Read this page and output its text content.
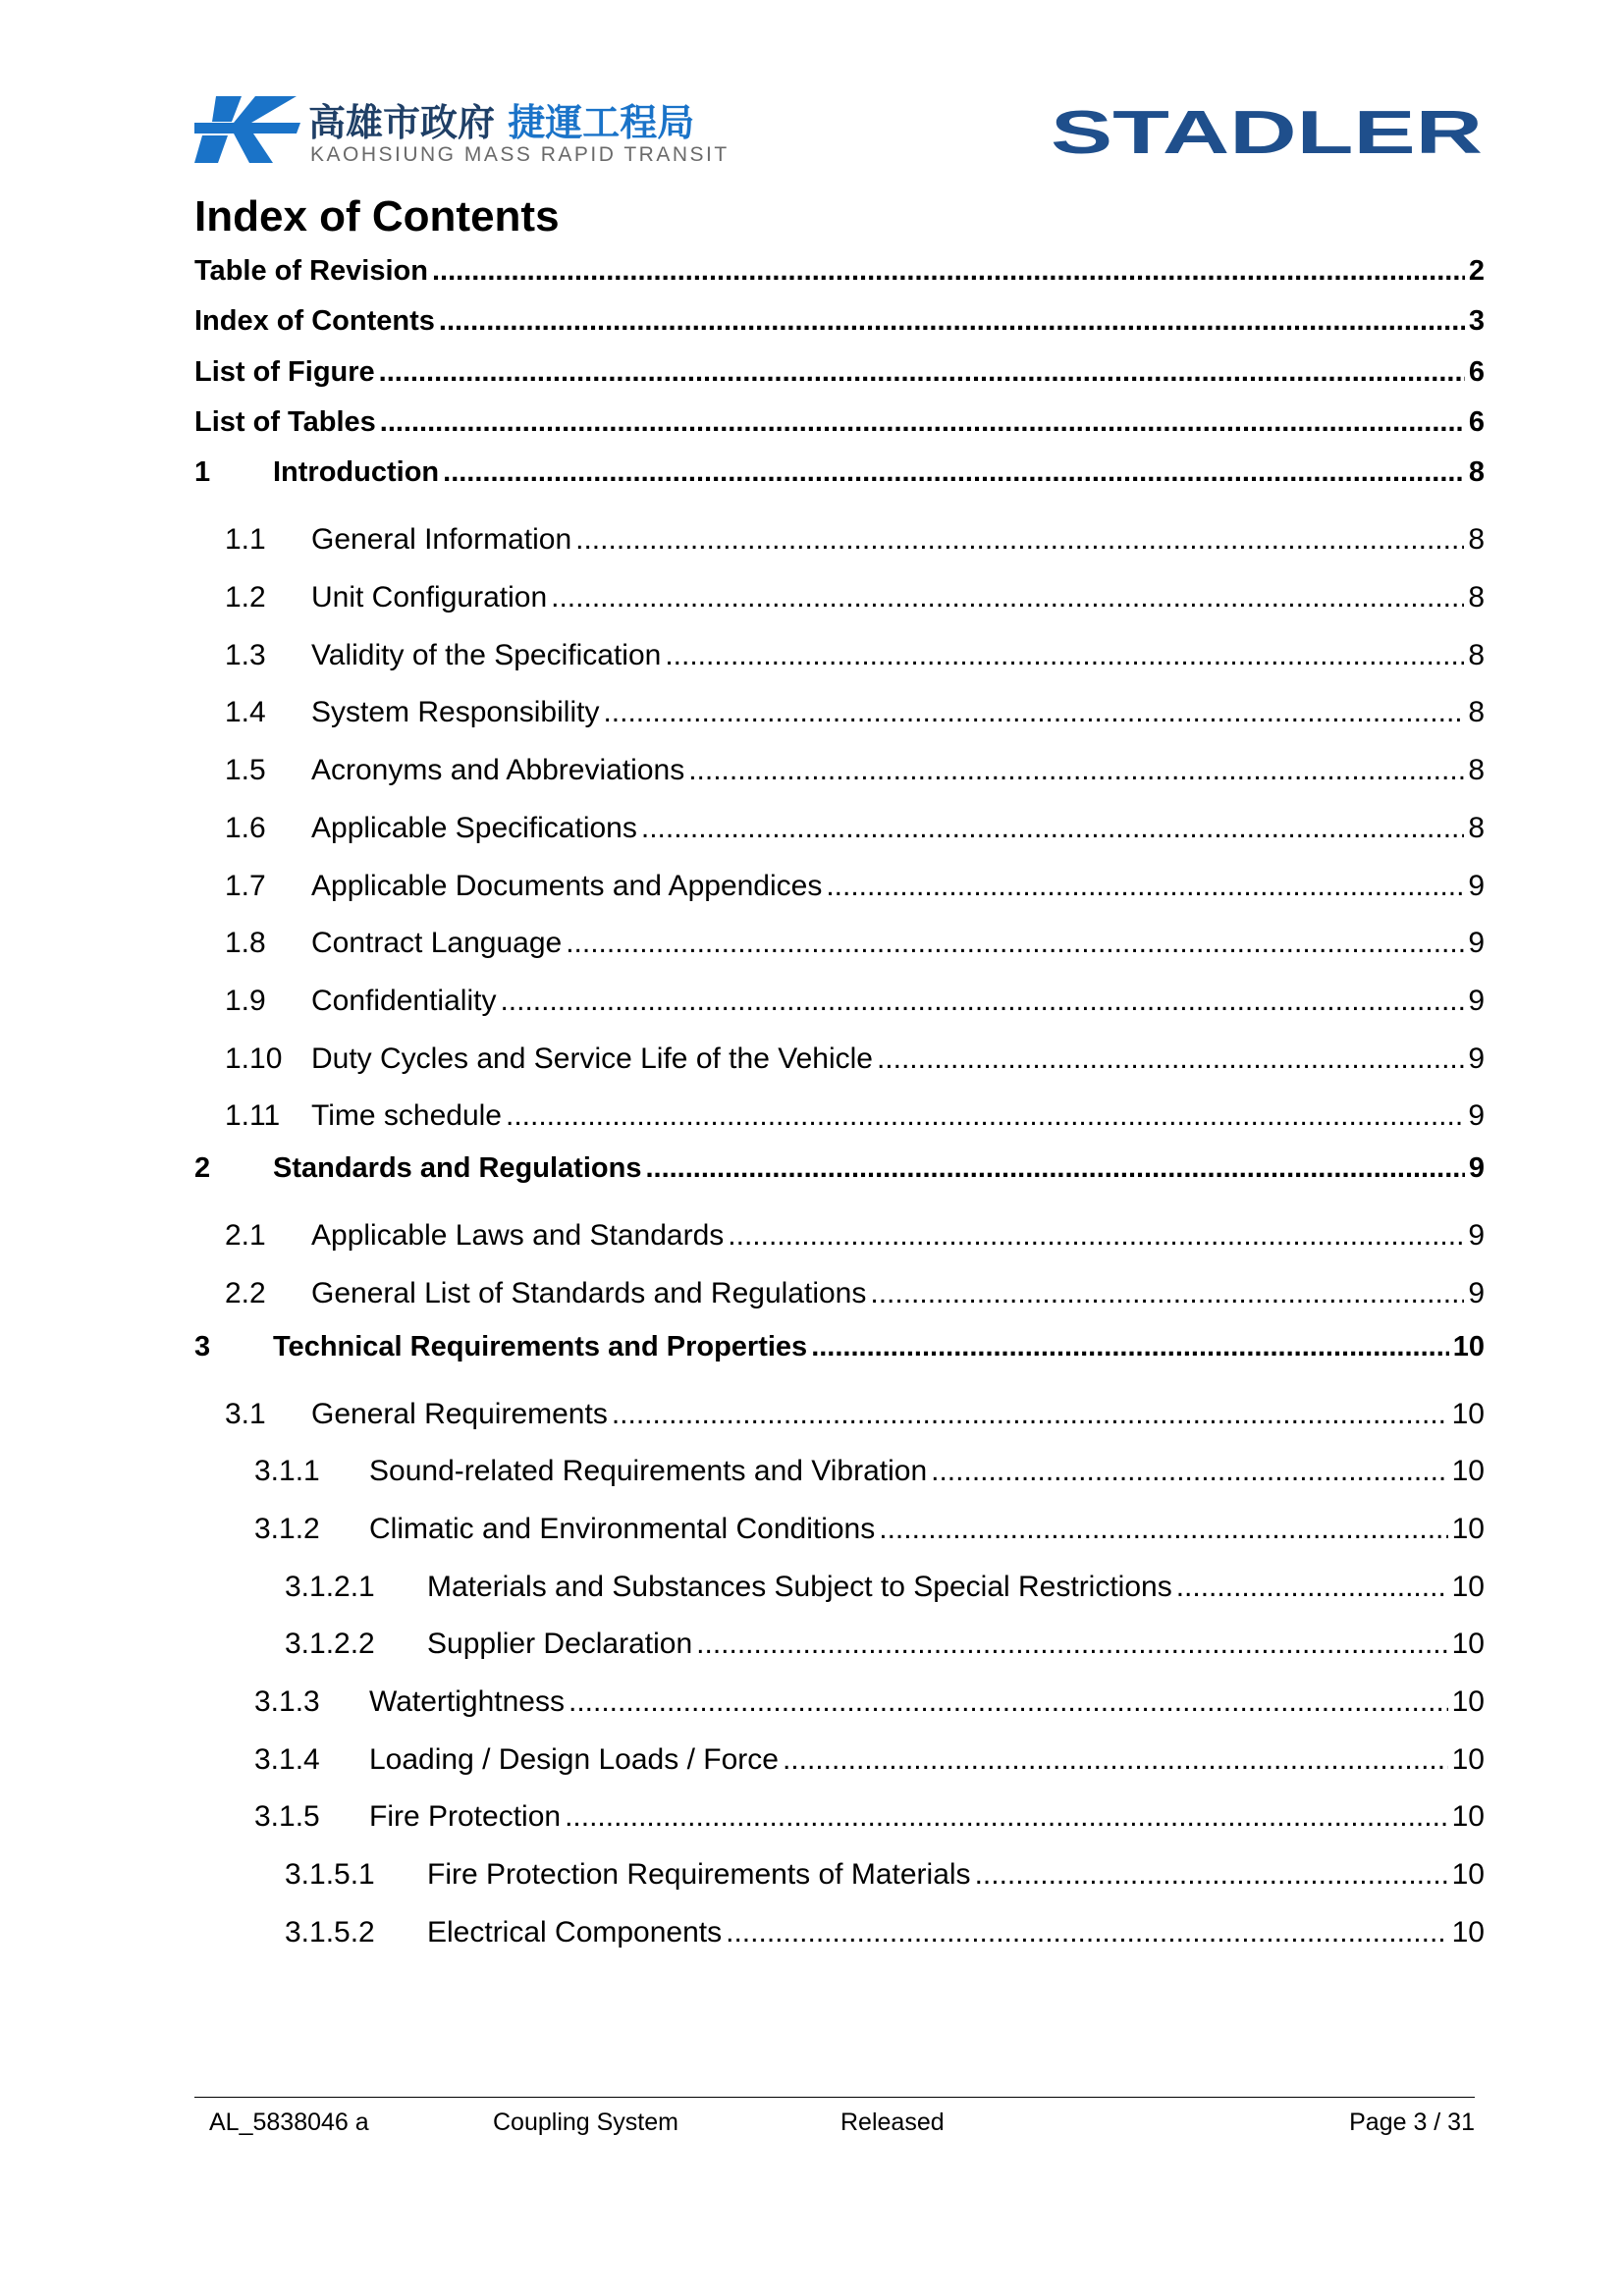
高雄市政府 捷運工程局
KAOHSIUNG MASS RAPID TRANSIT	STADLER
Index of Contents
Table of Revision .....	2
Index of Contents .....	3
List of Figure .....	6
List of Tables .....	6
1	Introduction .....	8
1.1	General Information .....	8
1.2	Unit Configuration .....	8
1.3	Validity of the Specification .....	8
1.4	System Responsibility .....	8
1.5	Acronyms and Abbreviations .....	8
1.6	Applicable Specifications .....	8
1.7	Applicable Documents and Appendices .....	9
1.8	Contract Language .....	9
1.9	Confidentiality .....	9
1.10 Duty Cycles and Service Life of the Vehicle .....	9
1.11	Time schedule .....	9
2	Standards and Regulations .....	9
2.1	Applicable Laws and Standards .....	9
2.2	General List of Standards and Regulations .....	9
3	Technical Requirements and Properties .....	10
3.1	General Requirements .....	10
3.1.1	Sound-related Requirements and Vibration .....	10
3.1.2	Climatic and Environmental Conditions .....	10
3.1.2.1	Materials and Substances Subject to Special Restrictions .....	10
3.1.2.2	Supplier Declaration .....	10
3.1.3	Watertightness .....	10
3.1.4	Loading / Design Loads / Force .....	10
3.1.5	Fire Protection .....	10
3.1.5.1	Fire Protection Requirements of Materials .....	10
3.1.5.2	Electrical Components .....	10
AL_5838046 a	Coupling System	Released	Page 3 / 31
